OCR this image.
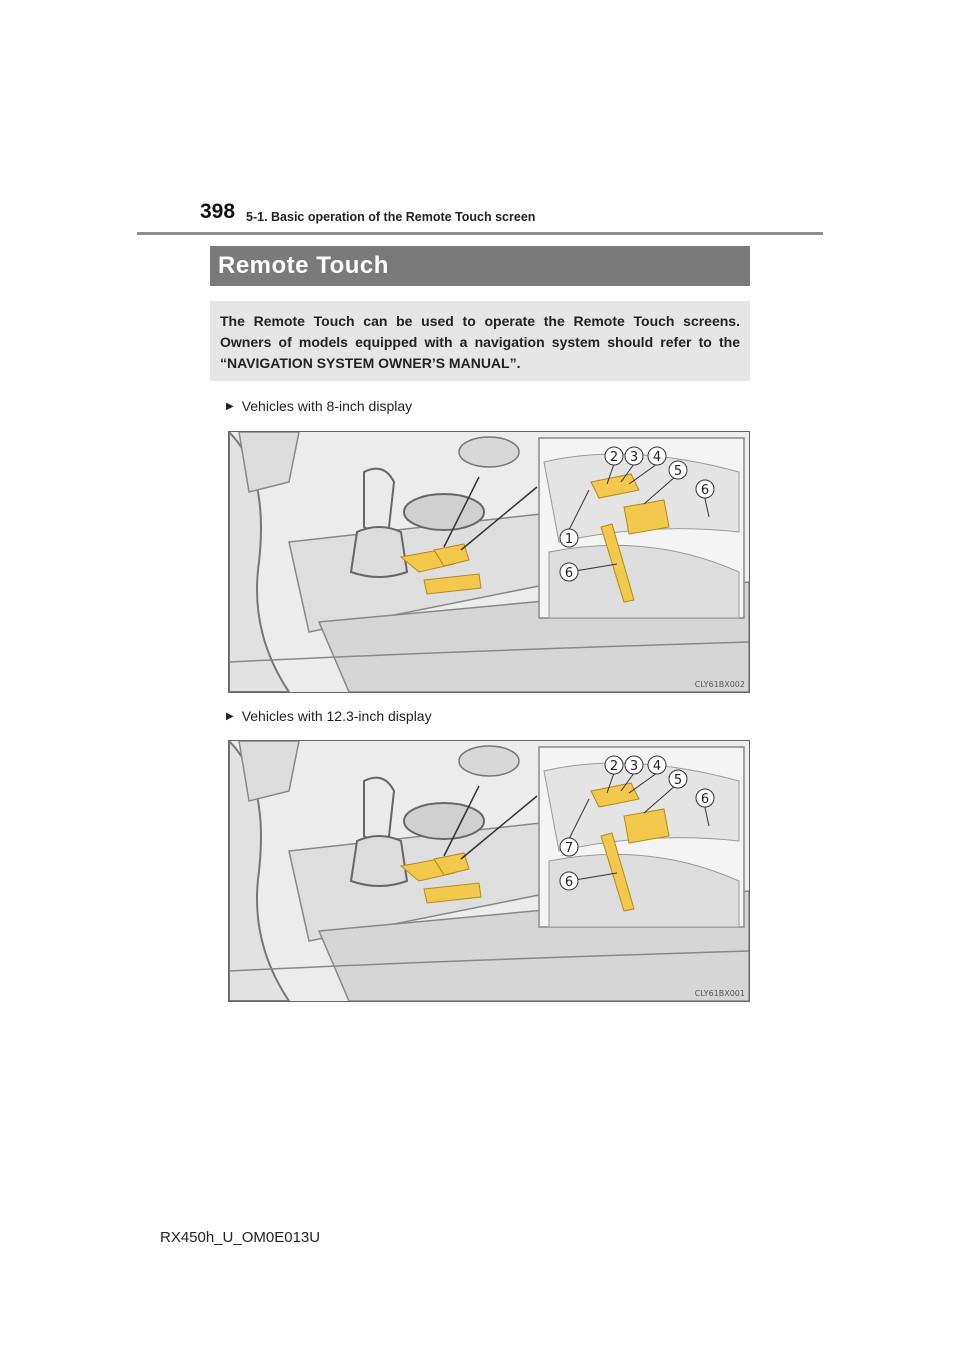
398 5-1. Basic operation of the Remote Touch screen
Remote Touch
The Remote Touch can be used to operate the Remote Touch screens. Owners of models equipped with a navigation system should refer to the “NAVIGATION SYSTEM OWNER’S MANUAL”.
▶ Vehicles with 8-inch display
2 3 4
5
6
1
6
CLY61BX002
▶ Vehicles with 12.3-inch display
2 3 4
5
6
7
6
CLY61BX001
RX450h_U_OM0E013U
